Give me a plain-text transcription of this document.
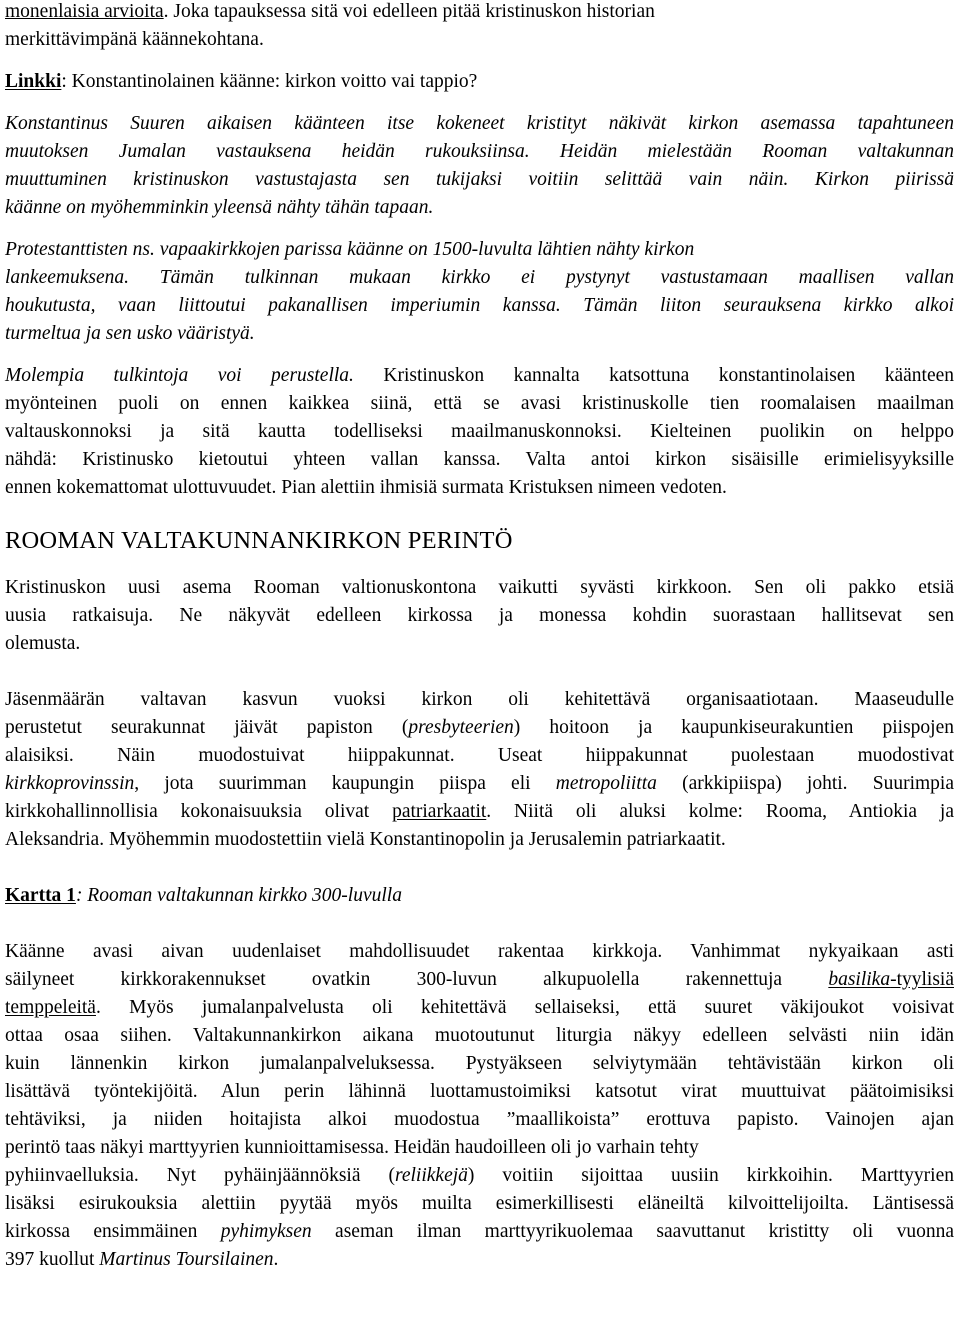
monenlaisia arvioita. Joka tapauksessa sitä voi edelleen pitää kristinuskon historian

merkittävimpänä käännekohtana.

Linkki: Konstantinolainen käänne: kirkon voitto vai tappio?

Konstantinus Suuren aikaisen käänteen itse kokeneet kristityt näkivät kirkon asemassa tapahtuneen

muutoksen Jumalan vastauksena heidän rukouksiinsa. Heidän mielestään Rooman valtakunnan

muuttuminen kristinuskon vastustajasta sen tukijaksi voitiin selittää vain näin. Kirkon piirissä

käänne on myöhemminkin yleensä nähty tähän tapaan.

Protestanttisten ns. vapaakirkkojen parissa käänne on 1500-luvulta lähtien nähty kirkon

lankeemuksena. Tämän tulkinnan mukaan kirkko ei pystynyt vastustamaan maallisen vallan

houkutusta, vaan liittoutui pakanallisen imperiumin kanssa. Tämän liiton seurauksena kirkko alkoi

turmeltua ja sen usko vääristyä.

Molempia tulkintoja voi perustella. Kristinuskon kannalta katsottuna konstantinolaisen käänteen

myönteinen puoli on ennen kaikkea siinä, että se avasi kristinuskolle tien roomalaisen maailman

valtauskonnoksi ja sitä kautta todelliseksi maailmanuskonnoksi. Kielteinen puolikin on helppo

nähdä: Kristinusko kietoutui yhteen vallan kanssa. Valta antoi kirkon sisäisille erimielisyyksille

ennen kokemattomat ulottuvuudet. Pian alettiin ihmisiä surmata Kristuksen nimeen vedoten.

ROOMAN VALTAKUNNANKIRKON PERINTÖ

Kristinuskon uusi asema Rooman valtionuskontona vaikutti syvästi kirkkoon. Sen oli pakko etsiä

uusia ratkaisuja. Ne näkyvät edelleen kirkossa ja monessa kohdin suorastaan hallitsevat sen

olemusta.

Jäsenmäärän valtavan kasvun vuoksi kirkon oli kehitettävä organisaatiotaan. Maaseudulle

perustetut seurakunnat jäivät papiston (presbyteerien) hoitoon ja kaupunkiseurakuntien piispojen

alaisiksi. Näin muodostuivat hiippakunnat. Useat hiippakunnat puolestaan muodostivat

kirkkoprovinssin, jota suurimman kaupungin piispa eli metropoliitta (arkkipiispa) johti. Suurimpia

kirkkohallinnollisia kokonaisuuksia olivat patriarkaatit. Niitä oli aluksi kolme: Rooma, Antiokia ja

Aleksandria. Myöhemmin muodostettiin vielä Konstantinopolin ja Jerusalemin patriarkaatit.

Kartta 1: Rooman valtakunnan kirkko 300-luvulla

Käänne avasi aivan uudenlaiset mahdollisuudet rakentaa kirkkoja. Vanhimmat nykyaikaan asti

säilyneet kirkkorakennukset ovatkin 300-luvun alkupuolella rakennettuja basilika-tyylisiä

temppeleitä. Myös jumalanpalvelusta oli kehitettävä sellaiseksi, että suuret väkijoukot voisivat

ottaa osaa siihen. Valtakunnankirkon aikana muotoutunut liturgia näkyy edelleen selvästi niin idän

kuin lännenkin kirkon jumalanpalveluksessa. Pystyäkseen selviytymään tehtävistään kirkon oli

lisättävä työntekijöitä. Alun perin lähinnä luottamustoimiksi katsotut virat muuttuivat päätoimisiksi

tehtäviksi, ja niiden hoitajista alkoi muodostua ”maallikoista” erottuva papisto. Vainojen ajan

perintö taas näkyi marttyyrien kunnioittamisessa. Heidän haudoilleen oli jo varhain tehty

pyhiinvaelluksia. Nyt pyhäinjäännöksiä (reliikkejä) voitiin sijoittaa uusiin kirkkoihin. Marttyyrien

lisäksi esirukouksia alettiin pyytää myös muilta esimerkillisesti eläneiltä kilvoittelijoilta. Läntisessä

kirkossa ensimmäinen pyhimyksen aseman ilman marttyyrikuolemaa saavuttanut kristitty oli vuonna

397 kuollut Martinus Toursilainen.
